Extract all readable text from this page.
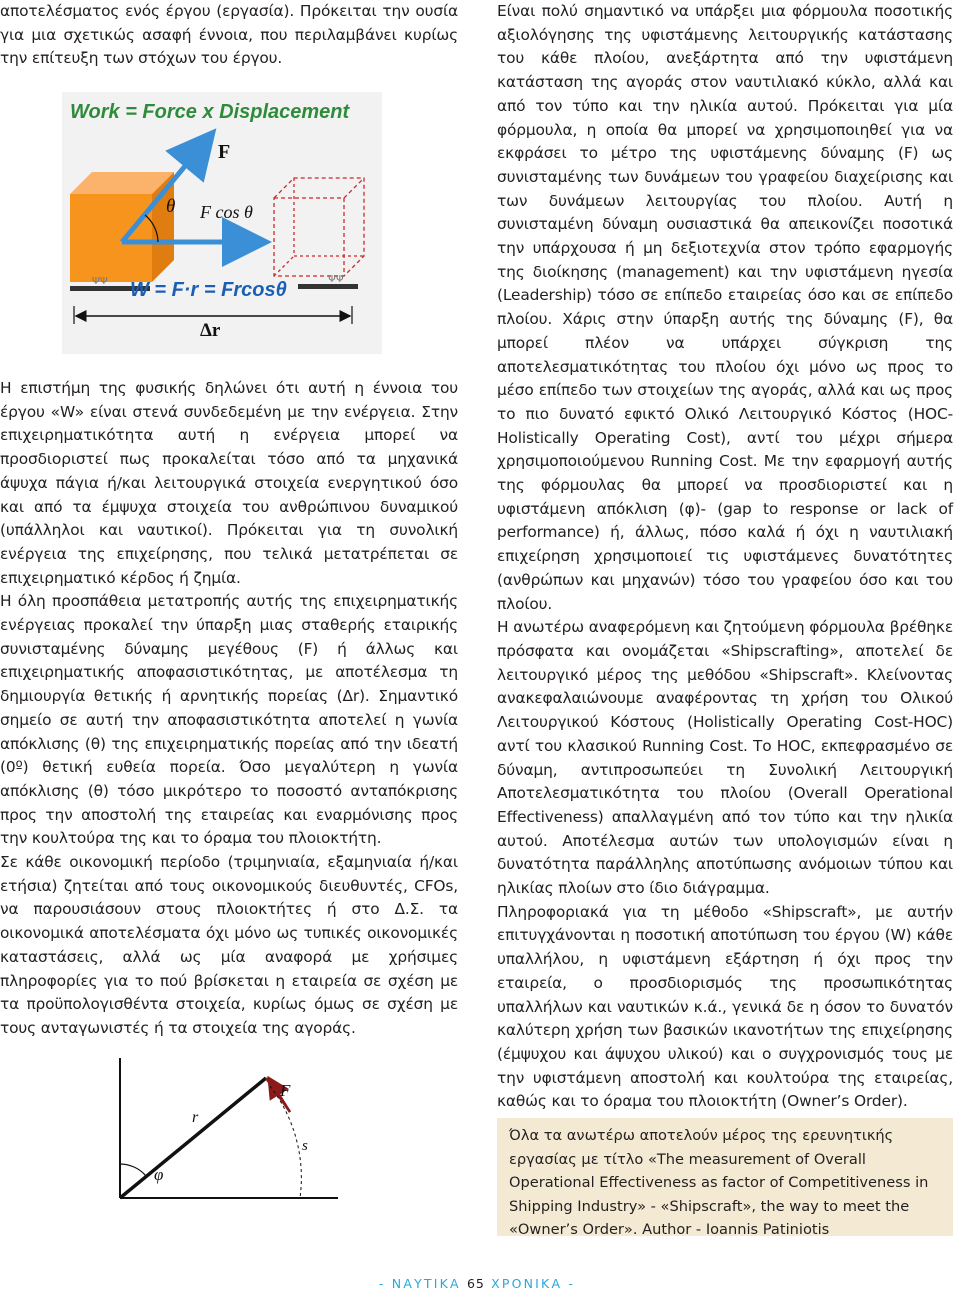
αποτελέσματος ενός έργου (εργασία). Πρόκειται την ουσία για μια σχετικώς ασαφή έννοια, που περιλαμβάνει κυρίως την επίτευξη των στόχων του έργου.

Work = Force x Displacement
F
θ F cos θ
ΨΨ	ΨΨ
W = F·r = Frcosθ
Δr

Η επιστήμη της φυσικής δηλώνει ότι αυτή η έννοια του έργου «W» είναι στενά συνδεδεμένη με την ενέργεια. Στην επιχειρηματικότητα αυτή η ενέργεια μπορεί να προσδιοριστεί πως προκαλείται τόσο από τα μηχανικά άψυχα πάγια ή/και λειτουργικά στοιχεία ενεργητικού όσο και από τα έμψυχα στοιχεία του ανθρώπινου δυναμικού (υπάλληλοι και ναυτικοί). Πρόκειται για τη συνολική ενέργεια της επιχείρησης, που τελικά μετατρέπεται σε επιχειρηματικό κέρδος ή ζημία.

Η όλη προσπάθεια μετατροπής αυτής της επιχειρηματικής ενέργειας προκαλεί την ύπαρξη μιας σταθερής εταιρικής συνισταμένης δύναμης μεγέθους (F) ή άλλως και επιχειρηματικής αποφασιστικότητας, με αποτέλεσμα τη δημιουργία θετικής ή αρνητικής πορείας (Δr). Σημαντικό σημείο σε αυτή την αποφασιστικότητα αποτελεί η γωνία απόκλισης (θ) της επιχειρηματικής πορείας από την ιδεατή (0º) θετική ευθεία πορεία. Όσο μεγαλύτερη η γωνία απόκλισης (θ) τόσο μικρότερο το ποσοστό ανταπόκρισης προς την αποστολή της εταιρείας και εναρμόνισης προς την κουλτούρα της και το όραμα του πλοιοκτήτη.

Σε κάθε οικονομική περίοδο (τριμηνιαία, εξαμηνιαία ή/και ετήσια) ζητείται από τους οικονομικούς διευθυντές, CFOs, να παρουσιάσουν στους πλοιοκτήτες ή στο Δ.Σ. τα οικονομικά αποτελέσματα όχι μόνο ως τυπικές οικονομικές καταστάσεις, αλλά ως μία αναφορά με χρήσιμες πληροφορίες για το πού βρίσκεται η εταιρεία σε σχέση με τα προϋπολογισθέντα στοιχεία, κυρίως όμως σε σχέση με τους ανταγωνιστές ή τα στοιχεία της αγοράς.

F
r
s
φ

Είναι πολύ σημαντικό να υπάρξει μια φόρμουλα ποσοτικής αξιολόγησης της υφιστάμενης λειτουργικής κατάστασης του κάθε πλοίου, ανεξάρτητα από την υφιστάμενη κατάσταση της αγοράς στον ναυτιλιακό κύκλο, αλλά και από τον τύπο και την ηλικία αυτού. Πρόκειται για μία φόρμουλα, η οποία θα μπορεί να χρησιμοποιηθεί για να εκφράσει το μέτρο της υφιστάμενης δύναμης (F) ως συνισταμένης των δυνάμεων του γραφείου διαχείρισης και των δυνάμεων λειτουργίας του πλοίου. Αυτή η συνισταμένη δύναμη ουσιαστικά θα απεικονίζει ποσοτικά την υπάρχουσα ή μη δεξιοτεχνία στον τρόπο εφαρμογής της διοίκησης (management) και την υφιστάμενη ηγεσία (Leadership) τόσο σε επίπεδο εταιρείας όσο και σε επίπεδο πλοίου. Χάρις στην ύπαρξη αυτής της δύναμης (F), θα μπορεί πλέον να υπάρχει σύγκριση της αποτελεσματικότητας του πλοίου όχι μόνο ως προς το μέσο επίπεδο των στοιχείων της αγοράς, αλλά και ως προς το πιο δυνατό εφικτό Ολικό Λειτουργικό Κόστος (HOC-Holistically Operating Cost), αντί του μέχρι σήμερα χρησιμοποιούμενου Running Cost. Με την εφαρμογή αυτής της φόρμουλας θα μπορεί να προσδιοριστεί και η υφιστάμενη απόκλιση (φ)- (gap to response or lack of performance) ή, άλλως, πόσο καλά ή όχι η ναυτιλιακή επιχείρηση χρησιμοποιεί τις υφιστάμενες δυνατότητες (ανθρώπων και μηχανών) τόσο του γραφείου όσο και του πλοίου.

Η ανωτέρω αναφερόμενη και ζητούμενη φόρμουλα βρέθηκε πρόσφατα και ονομάζεται «Shipscrafting», αποτελεί δε λειτουργικό μέρος της μεθόδου «Shipscraft». Κλείνοντας ανακεφαλαιώνουμε αναφέροντας τη χρήση του Ολικού Λειτουργικού Κόστους (Holistically Operating Cost-HOC) αντί του κλασικού Running Cost. Το HOC, εκπεφρασμένο σε δύναμη, αντιπροσωπεύει τη Συνολική Λειτουργική Αποτελεσματικότητα του πλοίου (Overall Operational Effectiveness) απαλλαγμένη από τον τύπο και την ηλικία αυτού. Αποτέλεσμα αυτών των υπολογισμών είναι η δυνατότητα παράλληλης αποτύπωσης ανόμοιων τύπου και ηλικίας πλοίων στο ίδιο διάγραμμα.

Πληροφοριακά για τη μέθοδο «Shipscraft», με αυτήν επιτυγχάνονται η ποσοτική αποτύπωση του έργου (W) κάθε υπαλλήλου, η υφιστάμενη εξάρτηση ή όχι προς την εταιρεία, ο προσδιορισμός της προσωπικότητας υπαλλήλων και ναυτικών κ.ά., γενικά δε η όσον το δυνατόν καλύτερη χρήση των βασικών ικανοτήτων της επιχείρησης (έμψυχου και άψυχου υλικού) και ο συγχρονισμός τους με την υφιστάμενη αποστολή και κουλτούρα της εταιρείας, καθώς και το όραμα του πλοιοκτήτη (Owner’s Order).

Όλα τα ανωτέρω αποτελούν μέρος της ερευνητικής εργασίας με τίτλο «The measurement of Overall Operational Effectiveness as factor of Competitiveness in Shipping Industry» - «Shipscraft», the way to meet the «Owner’s Order». Author - Ioannis Patiniotis
- ΝΑΥΤΙΚΑ 65 ΧΡΟΝΙΚΑ -
